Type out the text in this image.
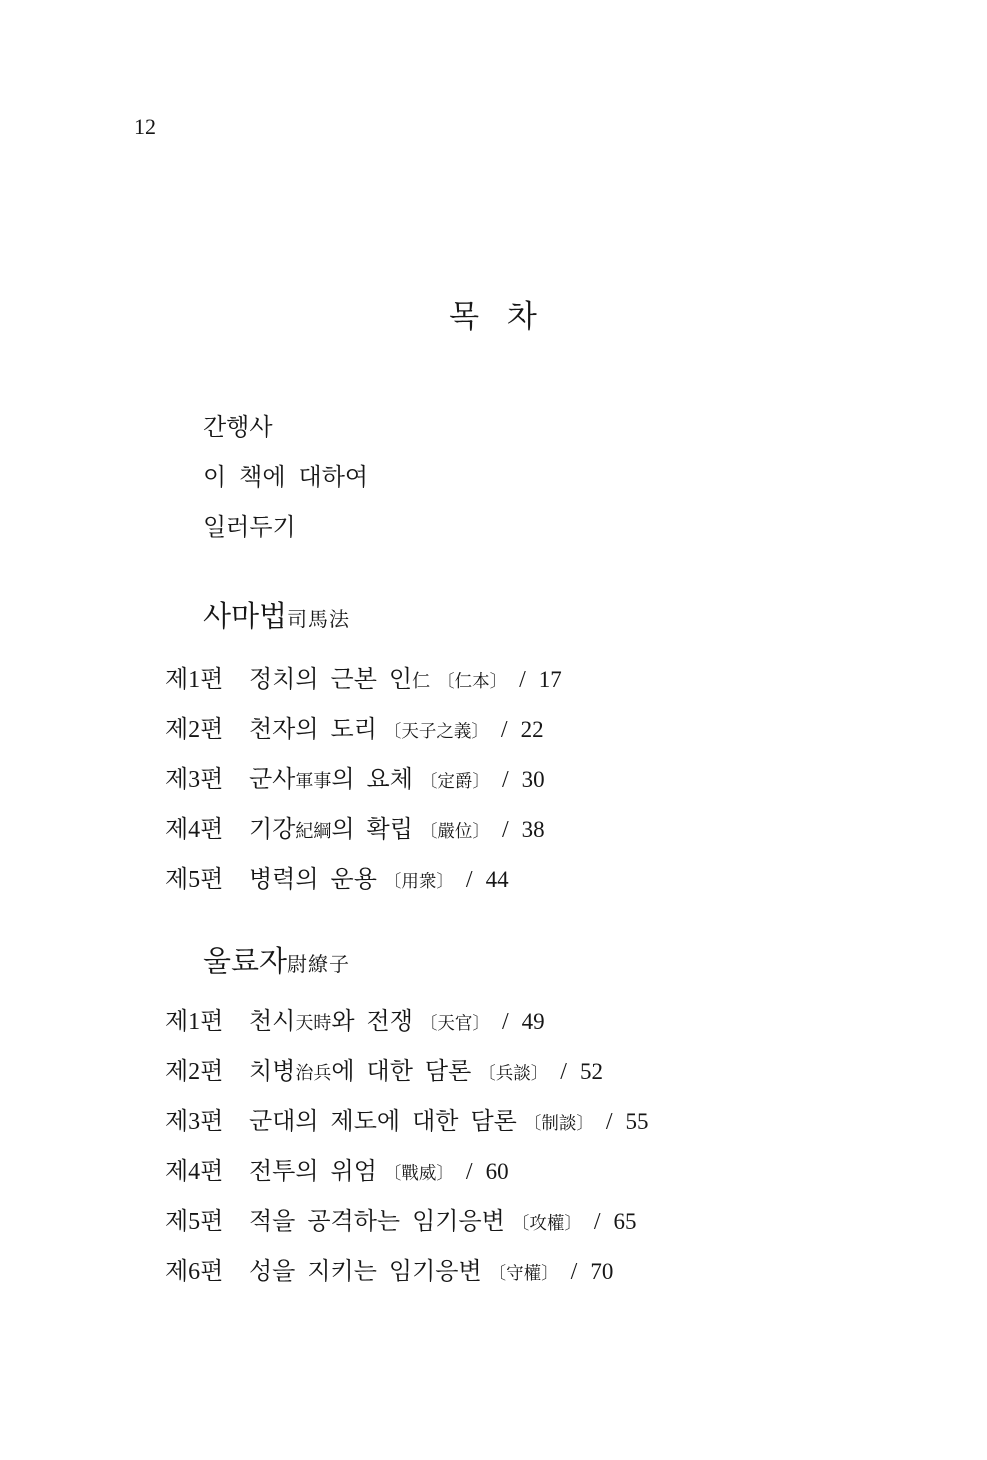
12
목 차
간행사
이 책에 대하여
일러두기
사마법司馬法
제1편 정치의 근본 인仁 〔仁本〕 / 17
제2편 천자의 도리 〔天子之義〕 / 22
제3편 군사軍事의 요체 〔定爵〕 / 30
제4편 기강紀綱의 확립 〔嚴位〕 / 38
제5편 병력의 운용 〔用衆〕 / 44
울료자尉繚子
제1편 천시天時와 전쟁 〔天官〕 / 49
제2편 치병治兵에 대한 담론 〔兵談〕 / 52
제3편 군대의 제도에 대한 담론 〔制談〕 / 55
제4편 전투의 위엄 〔戰威〕 / 60
제5편 적을 공격하는 임기응변 〔攻權〕 / 65
제6편 성을 지키는 임기응변 〔守權〕 / 70
